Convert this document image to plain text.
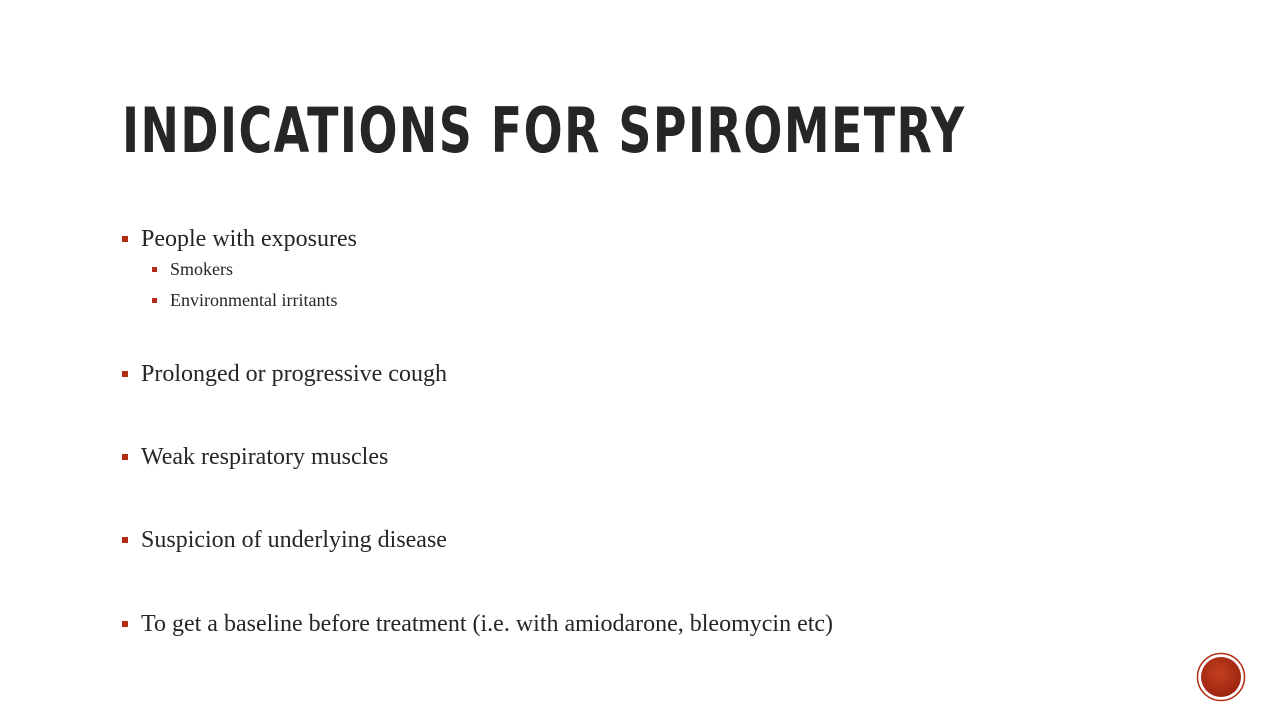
INDICATIONS FOR SPIROMETRY
People with exposures
Smokers
Environmental irritants
Prolonged or progressive cough
Weak respiratory muscles
Suspicion of underlying disease
To get a baseline before treatment (i.e. with amiodarone, bleomycin etc)
